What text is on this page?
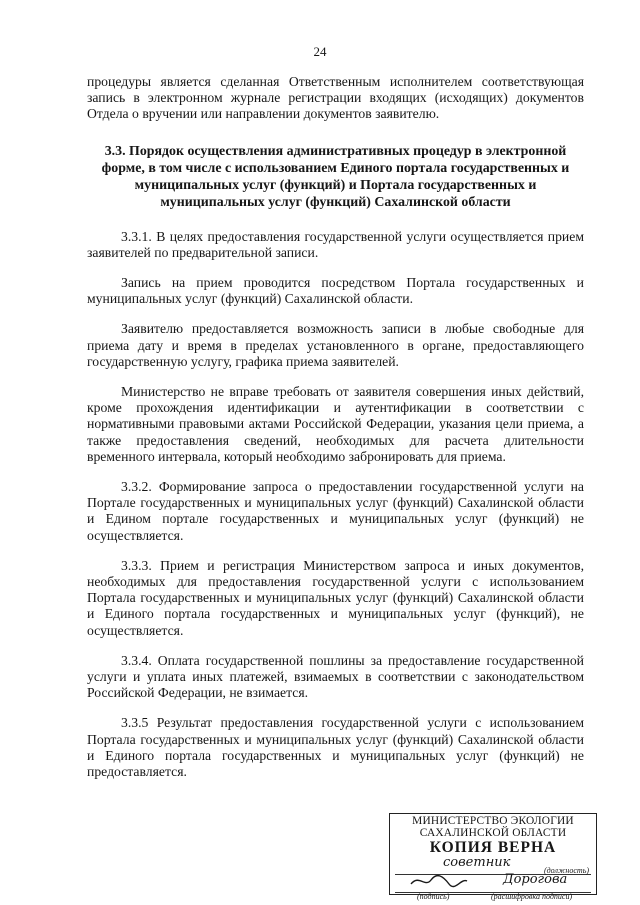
24

процедуры является сделанная Ответственным исполнителем соответствующая запись в электронном журнале регистрации входящих (исходящих) документов Отдела о вручении или направлении документов заявителю.

3.3. Порядок осуществления административных процедур в электронной форме, в том числе с использованием Единого портала государственных и муниципальных услуг (функций) и Портала государственных и муниципальных услуг (функций) Сахалинской области

3.3.1. В целях предоставления государственной услуги осуществляется прием заявителей по предварительной записи.

Запись на прием проводится посредством Портала государственных и муниципальных услуг (функций) Сахалинской области.

Заявителю предоставляется возможность записи в любые свободные для приема дату и время в пределах установленного в органе, предоставляющего государственную услугу, графика приема заявителей.

Министерство не вправе требовать от заявителя совершения иных действий, кроме прохождения идентификации и аутентификации в соответствии с нормативными правовыми актами Российской Федерации, указания цели приема, а также предоставления сведений, необходимых для расчета длительности временного интервала, который необходимо забронировать для приема.

3.3.2. Формирование запроса о предоставлении государственной услуги на Портале государственных и муниципальных услуг (функций) Сахалинской области и Едином портале государственных и муниципальных услуг (функций) не осуществляется.

3.3.3. Прием и регистрация Министерством запроса и иных документов, необходимых для предоставления государственной услуги с использованием Портала государственных и муниципальных услуг (функций) Сахалинской области и Единого портала государственных и муниципальных услуг (функций), не осуществляется.

3.3.4. Оплата государственной пошлины за предоставление государственной услуги и уплата иных платежей, взимаемых в соответствии с законодательством Российской Федерации, не взимается.

3.3.5 Результат предоставления государственной услуги с использованием Портала государственных и муниципальных услуг (функций) Сахалинской области и Единого портала государственных и муниципальных услуг (функций) не предоставляется.

МИНИСТЕРСТВО ЭКОЛОГИИ
САХАЛИНСКОЙ ОБЛАСТИ
КОПИЯ ВЕРНА
советник
(должность)
Дорогова
(подпись)	(расшифровка подписи)
